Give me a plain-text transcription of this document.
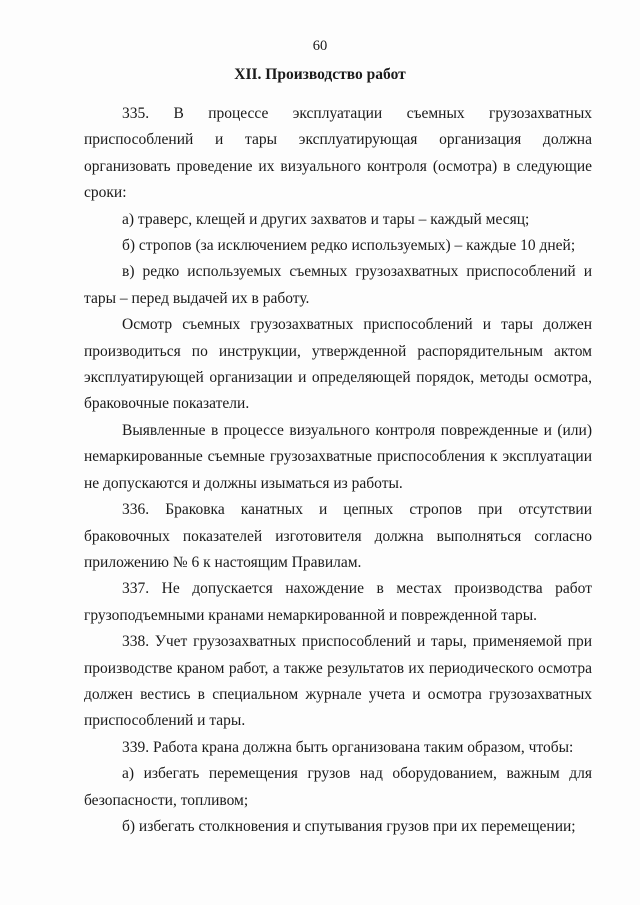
60
XII. Производство работ

335. В процессе эксплуатации съемных грузозахватных приспособлений и тары эксплуатирующая организация должна организовать проведение их визуального контроля (осмотра) в следующие сроки:

а) траверс, клещей и других захватов и тары – каждый месяц;

б) стропов (за исключением редко используемых) – каждые 10 дней;

в) редко используемых съемных грузозахватных приспособлений и тары – перед выдачей их в работу.

Осмотр съемных грузозахватных приспособлений и тары должен производиться по инструкции, утвержденной распорядительным актом эксплуатирующей организации и определяющей порядок, методы осмотра, браковочные показатели.

Выявленные в процессе визуального контроля поврежденные и (или) немаркированные съемные грузозахватные приспособления к эксплуатации не допускаются и должны изыматься из работы.

336. Браковка канатных и цепных стропов при отсутствии браковочных показателей изготовителя должна выполняться согласно приложению № 6 к настоящим Правилам.

337. Не допускается нахождение в местах производства работ грузоподъемными кранами немаркированной и поврежденной тары.

338. Учет грузозахватных приспособлений и тары, применяемой при производстве краном работ, а также результатов их периодического осмотра должен вестись в специальном журнале учета и осмотра грузозахватных приспособлений и тары.

339. Работа крана должна быть организована таким образом, чтобы:

а) избегать перемещения грузов над оборудованием, важным для безопасности, топливом;

б) избегать столкновения и спутывания грузов при их перемещении;
